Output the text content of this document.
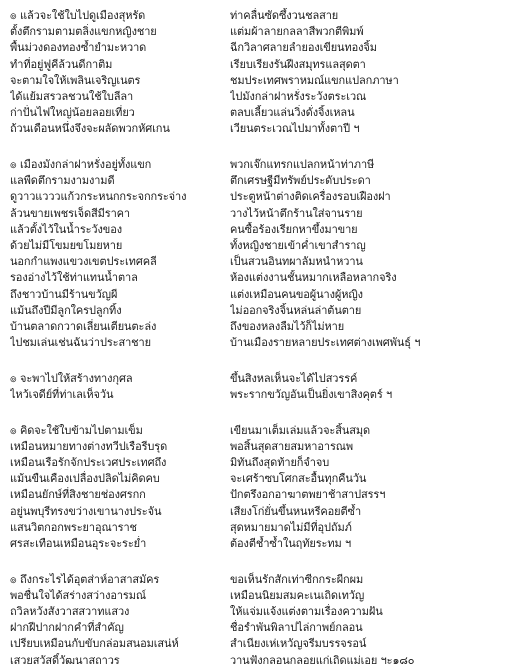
๏ แล้วจะใช้ใบไปดูเมืองสุหรัด	ท่าคลื่นซัดซึ้งวนชลสาย
ตั้งตึกรามตามตลิ่งแขกหญิงชาย	แต่มผ้าลายกลลาสีพวกตีพิมพ์
พื้นม่วงดองทองซ้ำยำมะหวาด	ฉีกวิลาศลายลำยองเขียนทองจิ้ม
ทำที่อยู่ฟูคีล้วนดีกาติม	เรียบเรียงรันฝีงสมุทรแลสุดตา
จะตามใจให้เพลินเจริญเนตร	ชมประเทศพราหมณ์แขกแปลกภาษา
ได้แย้มสรวลชวนใช้ใบลีลา	ไปมังกล่าฝาหรั่งระวังตระเวณ
ก่าปั่นไฟใหญ่น้อยลอยเที่ยว	ตลบเลี้ยวแล่นวิ่งดั่งจิ้งเหลน
ถ้วนเดือนหนึ่งจึงจะผลัดพวกหัศเกน	เวียนตระเวณไปมาทั้งตาปี ฯ
๏ เมืองมังกล่าฝาหรั่งอยู่ทั้งแขก	พวกเจ๊กแทรกแปลกหน้าท่าภาษี
แลพืดตึกรามงามงามดี	ตึกเศรษฐีมีทรัพย์ประดับประดา
ดูวาวแวววแก้วกระหนกกระจกกระจ่าง	ประตูหน้าต่างติดเครื่องรอบเฝืองฝา
ล้วนขายเพชรเจ็ดสีมีราคา	วางไว้หน้าตึกร้านใส่จานราย
แล้วตั้งไว้ในน้ำระวังของ	คนซื้อร้องเรียกหาขึ้งมาขาย
ด้วยไม่มีโขมยขโมยหาย	ทั้งหญิงชายเข้าค่ำเขาสำราญ
นอกกำแพงแขวงเขตประเทศคลี	เป็นสวนอินทผาลัมหนำหวาน
รองอ่างไว้ใช้ท่าแทนน้ำตาล	ห้องแต่งงานชั้นหมากเหลือหลากจริง
ถึงชาวบ้านมีร้านขวัญผี	แต่งเหมือนคนขอผู้นางผู้หญิง
แม้นถึงปีมีลูกใครปลูกทิ้ง	ไม่ออกจริงจิ้นหล่นล่าต้นตาย
บ้านตลาดกวาดเลี่ยนเตียนตะล่ง	ถึงของหลงลืมไว้ก็ไม่หาย
ไปชมเล่นเช่นฉันว่าประสาชาย	บ้านเมืองรายหลายประเทศต่างเพศพันธุ์ ฯ
๏ จะพาไปให้สร้างทางกุศล	ขึ้นสิงหลเห็นจะได้ไปสวรรค์
ไหว้เจดีย์ที่ท่าเลเห็จวัน	พระรากขวัญอันเป็นยิ่งเขาสิงคุตร์ ฯ
๏ คิดจะใช้ใบข้ามไปตามเข็ม	เขียนมาเต็มเล่มแล้วจะสิ้นสมุด
เหมือนหมายทางต่างทวีปเรือรีบรุด	พอสิ้นสุดสายสมหาอารณพ
เหมือนเรือรักจักประเวศประเทศถึง	มิทันถึงสุดท้ายก็จำจบ
แม้นขืนเคืองเปลื่องปลิดไม่คิดคบ	จะเศร้าซบโศกสะอื้นทุกคืนวัน
เหมือนยักษ์ที่สิงชายช่องศรกก	ปักตรึงอกอาฆาตพยาช้าสาปสรรฯ
อยู่นพบุรีทรงขว่างเขานางประจัน	เสียงโก่ยั่นขึ้นหนหรีคอยตีซ้ำ
แสนวิตกอกพระยาอุณาราช	สุดหมายมาดไม่มีที่อุปถัมภ์
ศรสะเทือนเหมือนอุระจะระย่ำ	ต้องตีช้ำซ้ำในฤทัยระทม ฯ
๏ ถึงกระไรได้อุตส่าห์อาสาสมัคร	ขอเห็นรักสักเท่าซีกกระผีกผม
พอชื่นใจได้สร่างสว่างอารมณ์	เหมือนนิยมสมคะเนเถิดเทวัญ
ถวิลหวังสังวาสสวาทแสวง	ให้แจ่มแจ้งแต่งตามเรื่องความฝัน
ฝากฝีปากฝากคำที่สำคัญ	ชื่อรำพันพิลาปไล่กาพย์กลอน
เปรียบเหมือนกับขับกล่อมสนอมเสน่ห์	สำเนียงเห่เหวัญจรีมบรรจรอน์
เสวยสวัสดิ์วัฒนาสถาวร	วานฟังกลอนกลอยแก่เถิดแม่เอย ฯะ๑๘๐
